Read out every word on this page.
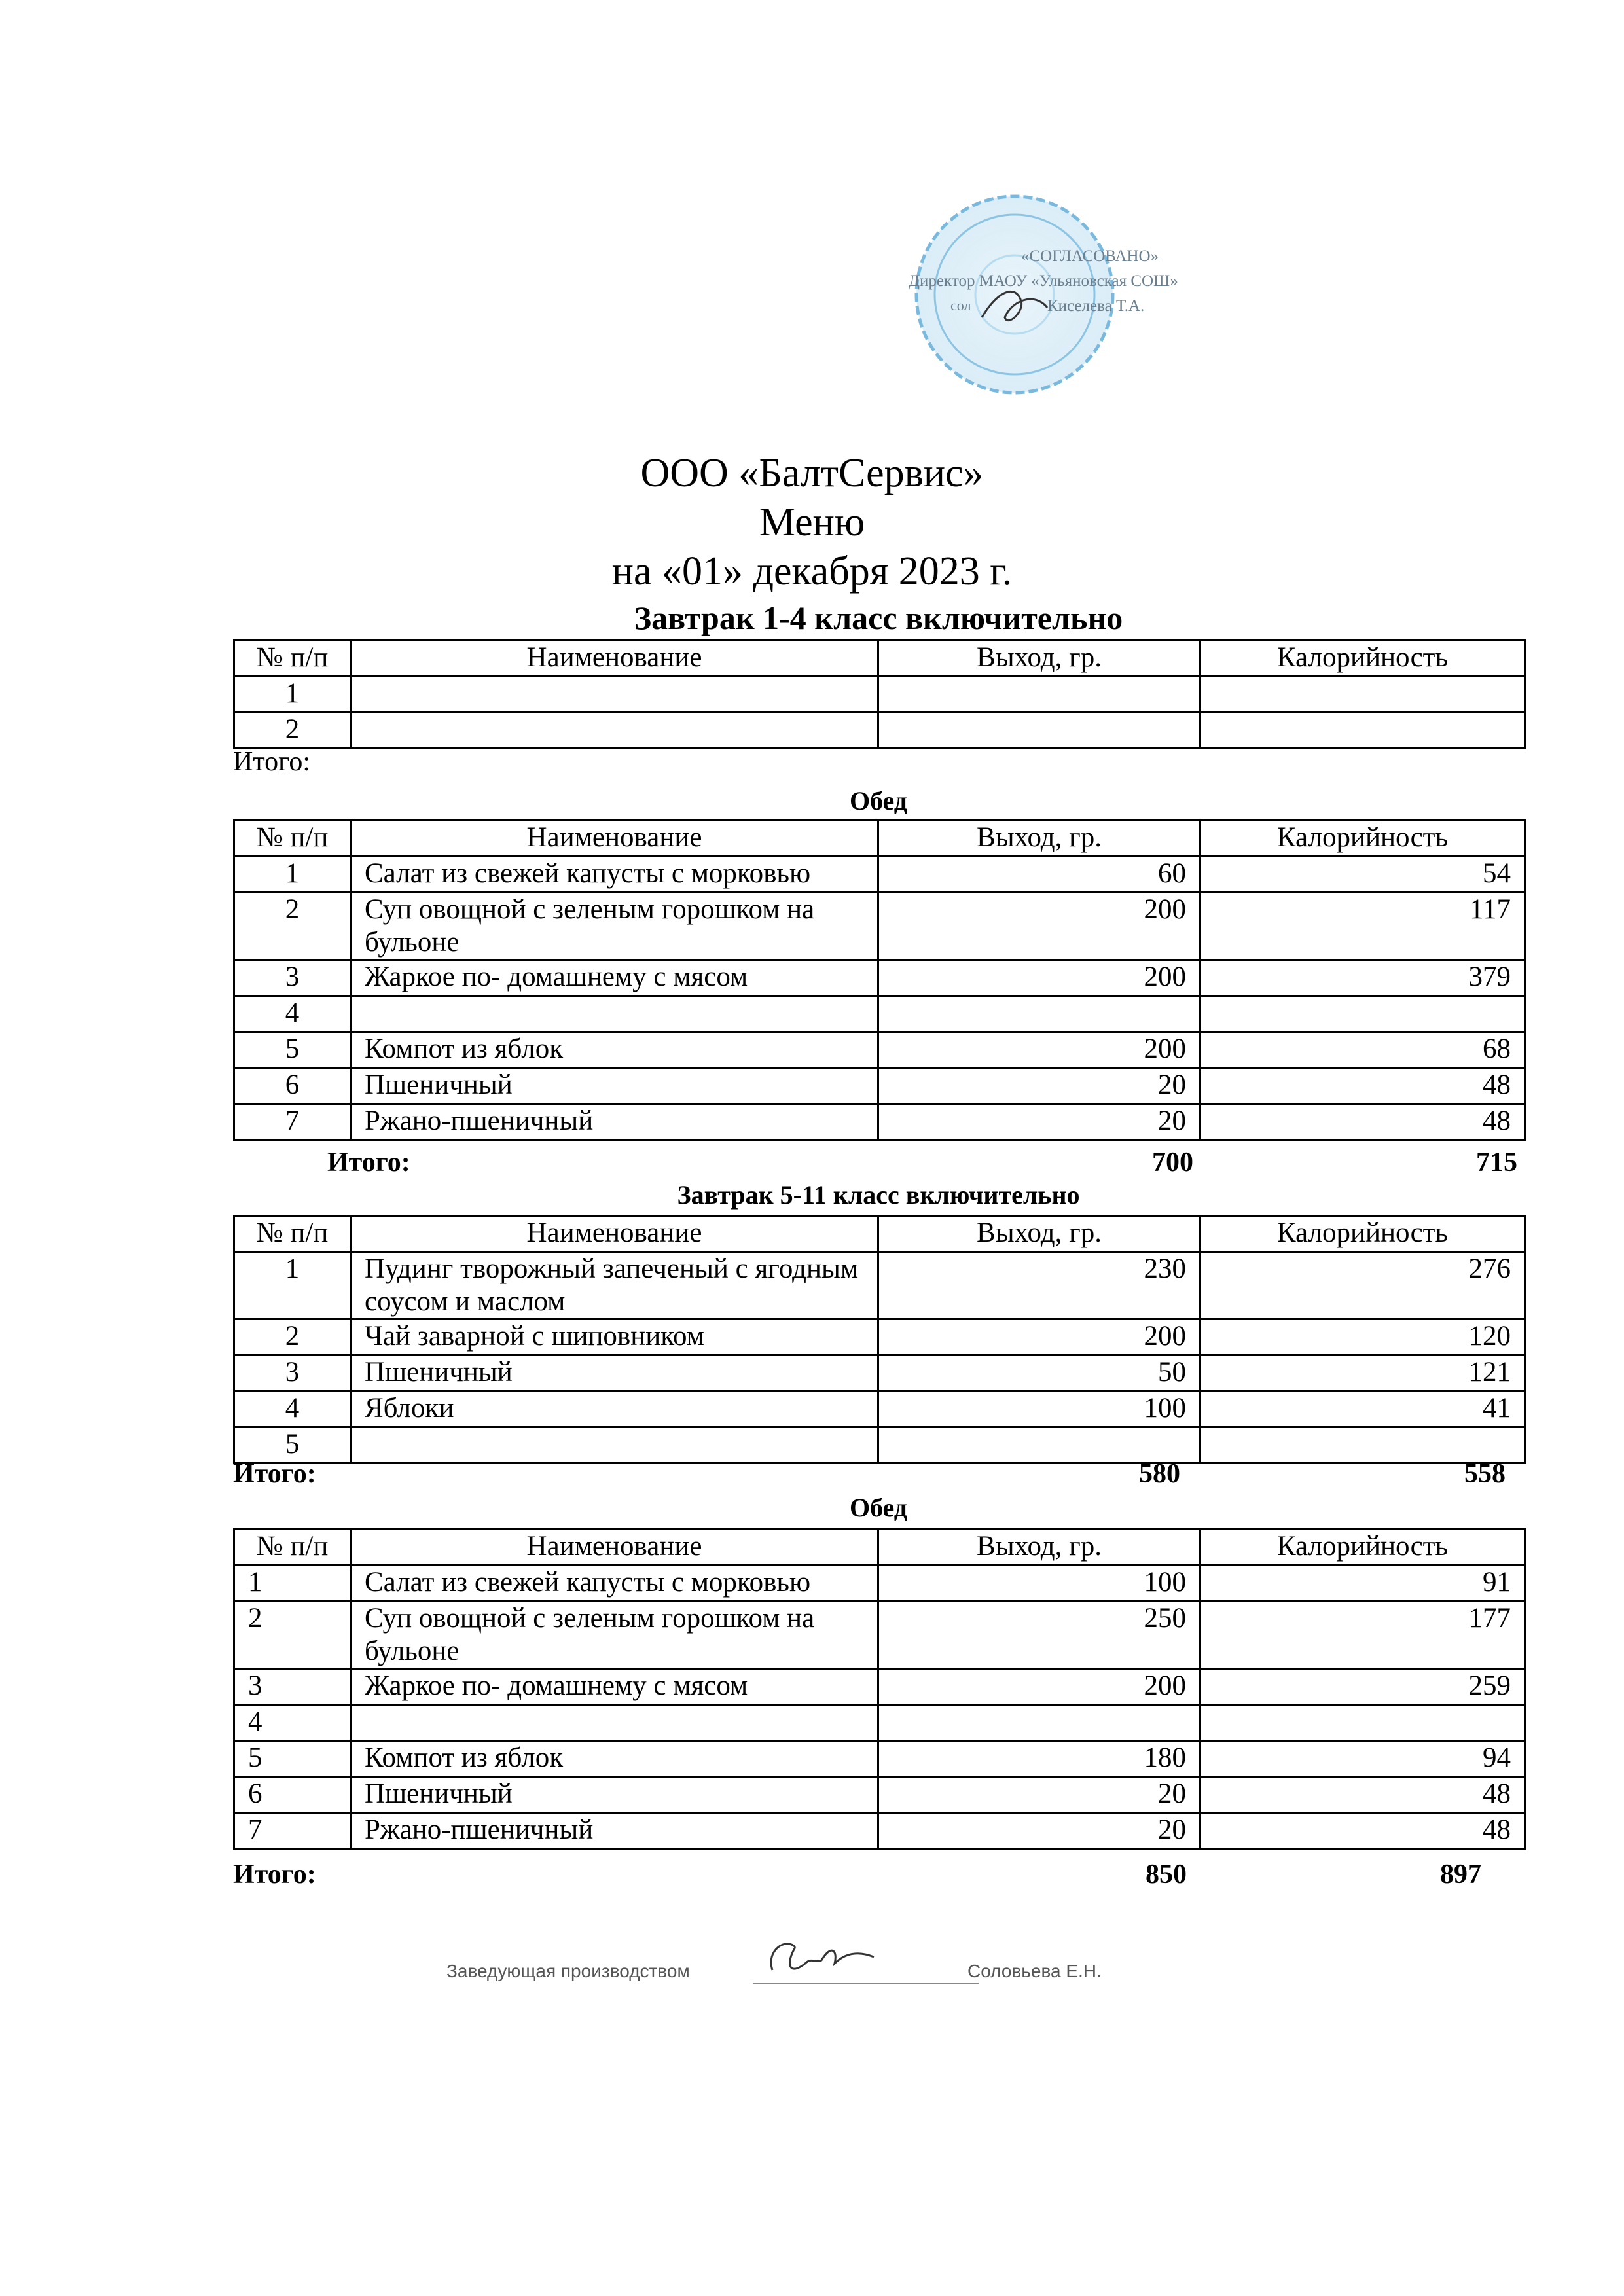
«СОГЛАСОВАНО»
Директор МАОУ «Ульяновская СОШ»
сол	Киселева Т.А.
ООО «БалтСервис»
Меню
на «01» декабря 2023 г.
Завтрак 1-4 класс включительно
№ п/п	Наименование	Выход, гр.	Калорийность
1			
2			
Итого:
Обед
№ п/п	Наименование	Выход, гр.	Калорийность
1	Салат из свежей капусты с морковью	60	54
2	Суп овощной с зеленым горошком на бульоне	200	117
3	Жаркое по- домашнему с мясом	200	379
4			
5	Компот из яблок	200	68
6	Пшеничный	20	48
7	Ржано-пшеничный	20	48
Итого:	700	715
Завтрак 5-11 класс включительно
№ п/п	Наименование	Выход, гр.	Калорийность
1	Пудинг творожный запеченый с ягодным соусом и маслом	230	276
2	Чай заварной с шиповником	200	120
3	Пшеничный	50	121
4	Яблоки	100	41
5			
Итого:	580	558
Обед
№ п/п	Наименование	Выход, гр.	Калорийность
1	Салат из свежей капусты с морковью	100	91
2	Суп овощной с зеленым горошком на бульоне	250	177
3	Жаркое по- домашнему с мясом	200	259
4			
5	Компот из яблок	180	94
6	Пшеничный	20	48
7	Ржано-пшеничный	20	48
Итого:	850	897
Заведующая производством	Соловьева Е.Н.
